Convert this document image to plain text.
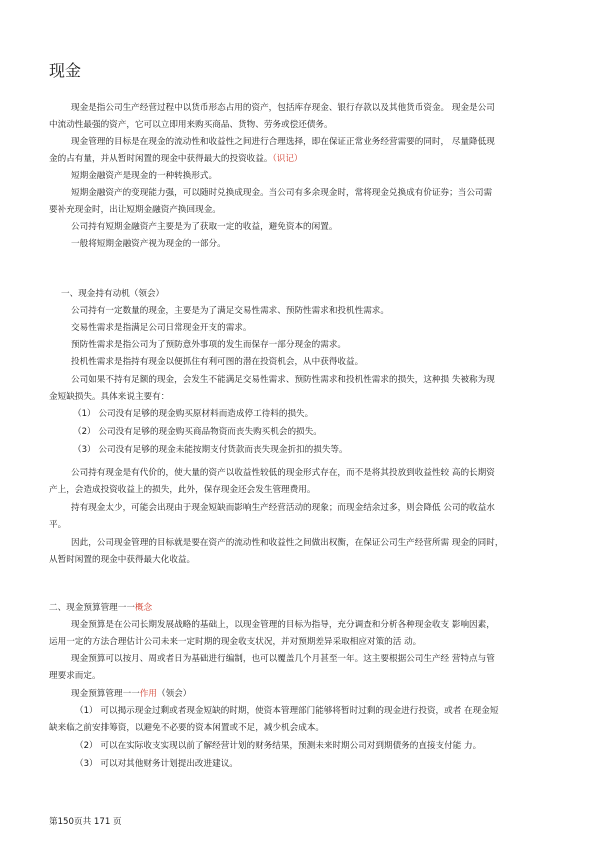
现金

现金是指公司生产经营过程中以货币形态占用的资产，包括库存现金、银行存款以及其他货币资金。 现金是公司

中流动性最强的资产，它可以立即用来购买商品、货物、劳务或偿还债务。

现金管理的目标是在现金的流动性和收益性之间进行合理选择，即在保证正常业务经营需要的同时， 尽量降低现

金的占有量，并从暂时闲置的现金中获得最大的投资收益。（识记）

短期金融资产是现金的一种转换形式。

短期金融资产的变现能力强，可以随时兑换成现金。当公司有多余现金时，常将现金兑换成有价证券；当公司需

要补充现金时，出让短期金融资产换回现金。

公司持有短期金融资产主要是为了获取一定的收益，避免资本的闲置。

一般将短期金融资产视为现金的一部分。

一、现金持有动机（领会）

公司持有一定数量的现金，主要是为了满足交易性需求、预防性需求和投机性需求。

交易性需求是指满足公司日常现金开支的需求。

预防性需求是指公司为了预防意外事项的发生而保存一部分现金的需求。

投机性需求是指持有现金以便抓住有利可图的潜在投资机会，从中获得收益。

公司如果不持有足额的现金，会发生不能满足交易性需求、预防性需求和投机性需求的损失，这种损 失被称为现

金短缺损失。具体来说主要有：

（1） 公司没有足够的现金购买原材料而造成停工待料的损失。

（2） 公司没有足够的现金购买商品物资而丧失购买机会的损失。

（3） 公司没有足够的现金未能按期支付货款而丧失现金折扣的损失等。

公司持有现金是有代价的，使大量的资产以收益性较低的现金形式存在，而不是将其投放到收益性较 高的长期资

产上，会造成投资收益上的损失，此外，保存现金还会发生管理费用。

持有现金太少，可能会出现由于现金短缺而影响生产经营活动的现象；而现金结余过多，则会降低 公司的收益水

平。

因此，公司现金管理的目标就是要在资产的流动性和收益性之间做出权衡，在保证公司生产经营所需 现金的同时，

从暂时闲置的现金中获得最大化收益。

二、现金预算管理一一概念

现金预算是在公司长期发展战略的基础上，以现金管理的目标为指导，充分调查和分析各种现金收支 影响因素，

运用一定的方法合理估计公司未来一定时期的现金收支状况，并对预期差异采取相应对策的活 动。

现金预算可以按月、周或者日为基础进行编制，也可以覆盖几个月甚至一年。这主要根据公司生产经 营特点与管

理要求而定。

现金预算管理一一作用（领会）

（1） 可以揭示现金过剩或者现金短缺的时期，使资本管理部门能够将暂时过剩的现金进行投资，或者 在现金短

缺来临之前安排筹资，以避免不必要的资本闲置或不足，减少机会成本。

（2） 可以在实际收支实现以前了解经营计划的财务结果，预测未来时期公司对到期债务的直接支付能 力。

（3） 可以对其他财务计划提出改进建议。

第150页共 171 页
